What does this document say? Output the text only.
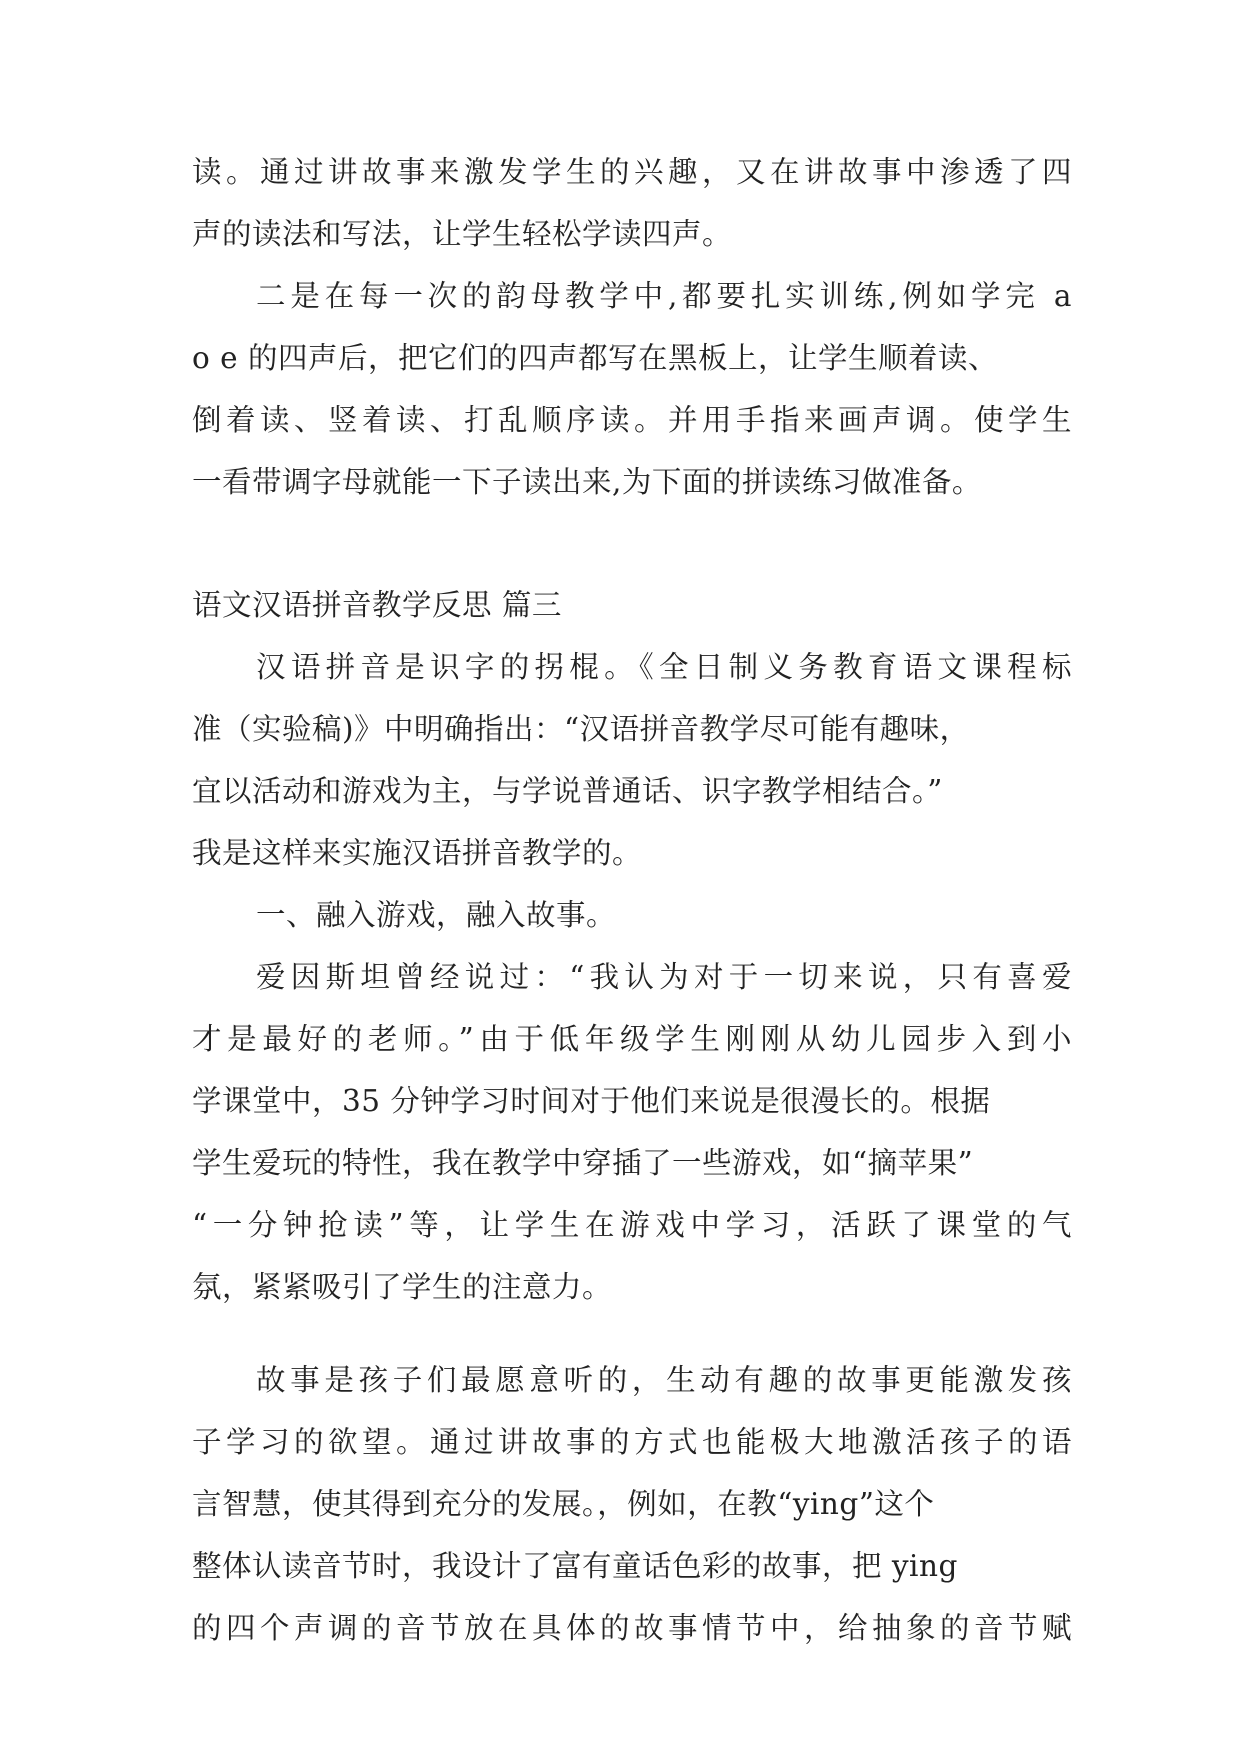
读。通过讲故事来激发学生的兴趣，又在讲故事中渗透了四
声的读法和写法，让学生轻松学读四声。
二是在每一次的韵母教学中,都要扎实训练,例如学完 a
o e 的四声后，把它们的四声都写在黑板上，让学生顺着读、
倒着读、竖着读、打乱顺序读。并用手指来画声调。使学生
一看带调字母就能一下子读出来,为下面的拼读练习做准备。
语文汉语拼音教学反思 篇三
汉语拼音是识字的拐棍。《全日制义务教育语文课程标
准（实验稿)》中明确指出：“汉语拼音教学尽可能有趣味，
宜以活动和游戏为主，与学说普通话、识字教学相结合。”
我是这样来实施汉语拼音教学的。
一、融入游戏，融入故事。
爱因斯坦曾经说过：“我认为对于一切来说，只有喜爱
才是最好的老师。”由于低年级学生刚刚从幼儿园步入到小
学课堂中，35 分钟学习时间对于他们来说是很漫长的。根据
学生爱玩的特性，我在教学中穿插了一些游戏，如“摘苹果”
“一分钟抢读”等，让学生在游戏中学习，活跃了课堂的气
氛，紧紧吸引了学生的注意力。
故事是孩子们最愿意听的，生动有趣的故事更能激发孩
子学习的欲望。通过讲故事的方式也能极大地激活孩子的语
言智慧，使其得到充分的发展。，例如，在教“ying”这个
整体认读音节时，我设计了富有童话色彩的故事，把 ying
的四个声调的音节放在具体的故事情节中，给抽象的音节赋
